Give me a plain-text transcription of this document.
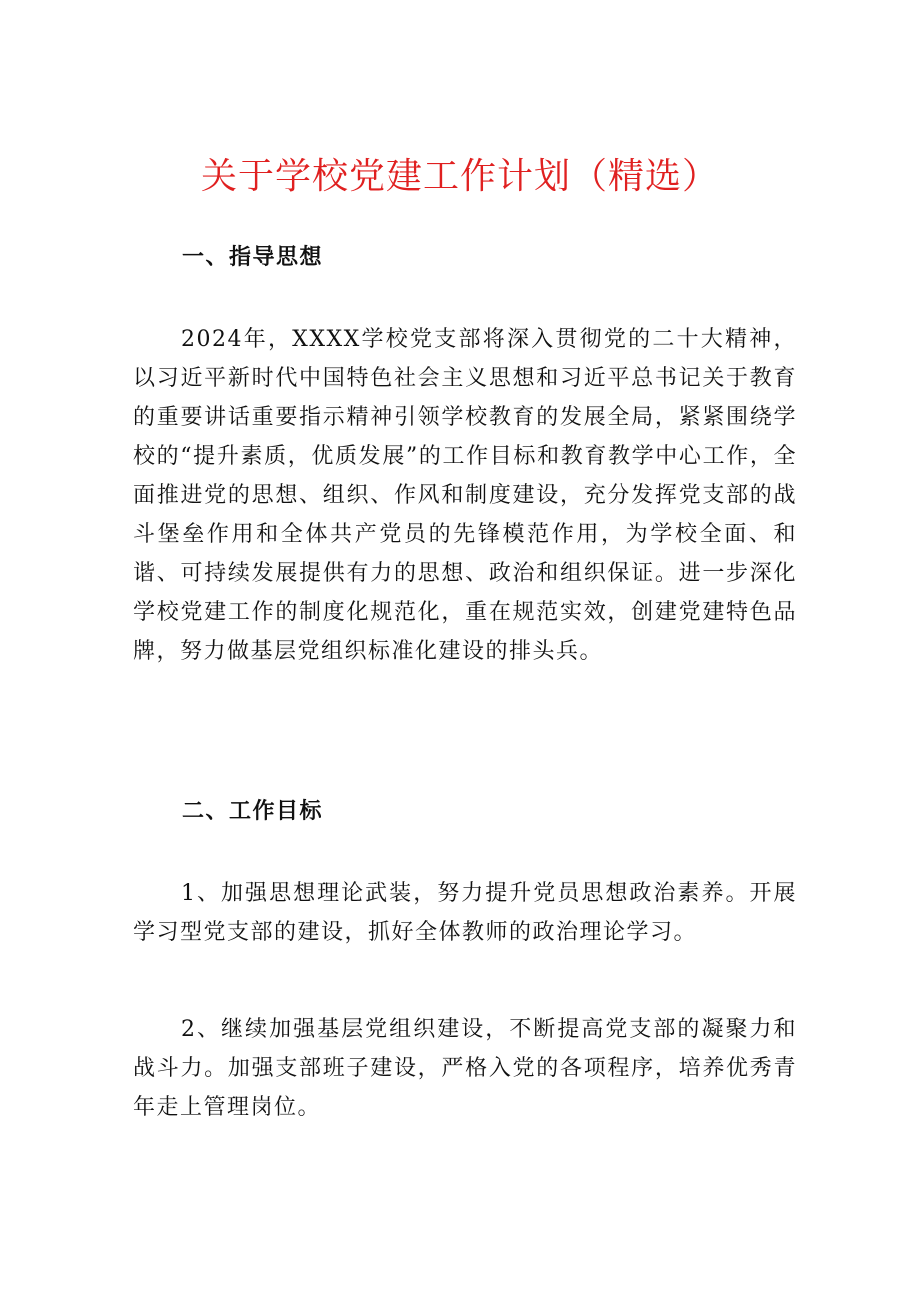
关于学校党建工作计划（精选）
一、指导思想

2024年，XXXX学校党支部将深入贯彻党的二十大精神，以习近平新时代中国特色社会主义思想和习近平总书记关于教育的重要讲话重要指示精神引领学校教育的发展全局，紧紧围绕学校的“提升素质，优质发展”的工作目标和教育教学中心工作，全面推进党的思想、组织、作风和制度建设，充分发挥党支部的战斗堡垒作用和全体共产党员的先锋模范作用，为学校全面、和谐、可持续发展提供有力的思想、政治和组织保证。进一步深化学校党建工作的制度化规范化，重在规范实效，创建党建特色品牌，努力做基层党组织标准化建设的排头兵。

二、工作目标

1、加强思想理论武装，努力提升党员思想政治素养。开展学习型党支部的建设，抓好全体教师的政治理论学习。

2、继续加强基层党组织建设，不断提高党支部的凝聚力和战斗力。加强支部班子建设，严格入党的各项程序，培养优秀青年走上管理岗位。
